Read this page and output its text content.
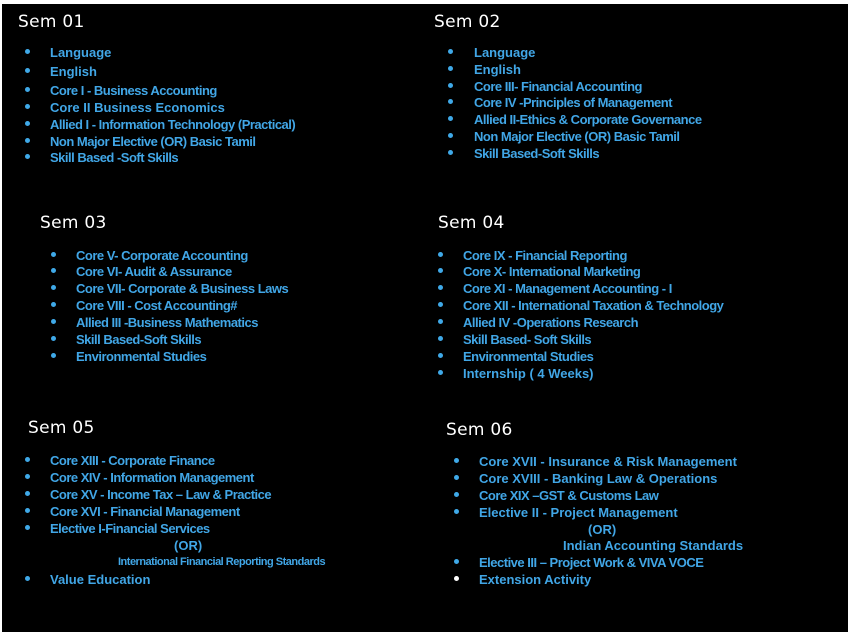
Sem 01
Language
English
Core I - Business Accounting
Core II Business Economics
Allied I - Information Technology (Practical)
Non Major Elective (OR) Basic Tamil
Skill Based -Soft Skills
Sem 02
Language
English
Core III- Financial Accounting
Core IV -Principles of Management
Allied II-Ethics & Corporate Governance
Non Major Elective (OR) Basic Tamil
Skill Based-Soft Skills
Sem 03
Core V- Corporate Accounting
Core VI- Audit & Assurance
Core VII- Corporate & Business Laws
Core VIII - Cost Accounting#
Allied III -Business Mathematics
Skill Based-Soft Skills
Environmental Studies
Sem 04
Core IX - Financial Reporting
Core X- International Marketing
Core XI - Management Accounting - I
Core XII - International Taxation & Technology
Allied IV -Operations Research
Skill Based- Soft Skills
Environmental Studies
Internship ( 4 Weeks)
Sem 05
Core XIII - Corporate Finance
Core XIV - Information Management
Core XV - Income Tax – Law & Practice
Core XVI - Financial Management
Elective I-Financial Services
(OR)
International Financial Reporting Standards
Value Education
Sem 06
Core XVII - Insurance & Risk Management
Core XVIII - Banking Law & Operations
Core XIX –GST & Customs Law
Elective II - Project Management
(OR)
Indian Accounting Standards
Elective III – Project Work & VIVA VOCE
Extension Activity
